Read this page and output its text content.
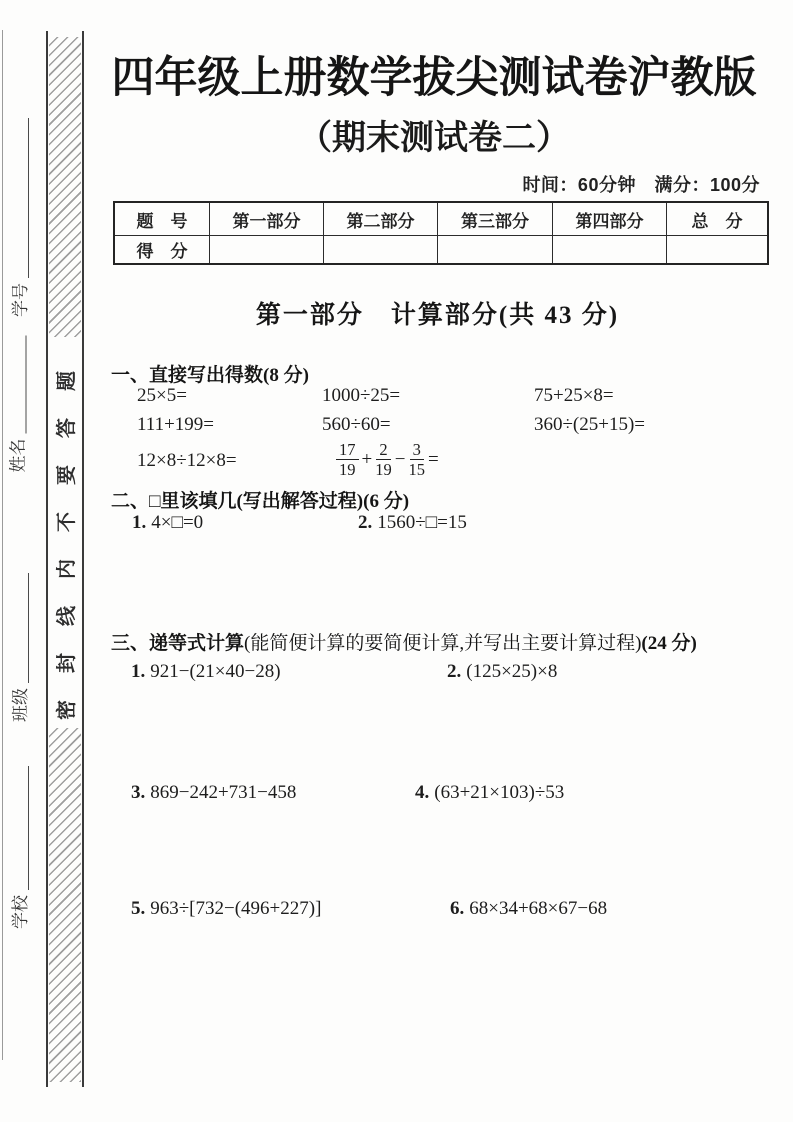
密封线内不要答题
学号
姓名
班级
学校
四年级上册数学拔尖测试卷沪教版
（期末测试卷二）
时间：60分钟　满分：100分
题　号	第一部分	第二部分	第三部分	第四部分	总　分
得　分					
第一部分　计算部分(共 43 分)
一、直接写出得数(8 分)
25×5=	1000÷25=	75+25×8=
111+199=	560÷60=	360÷(25+15)=
12×8÷12×8=	$\frac{17}{19} + \frac{2}{19} - \frac{3}{15}$ =
二、□里该填几(写出解答过程)(6 分)
1. 4×□=0	2. 1560÷□=15
三、递等式计算(能简便计算的要简便计算,并写出主要计算过程)(24 分)
1. 921−(21×40−28)	2. (125×25)×8
3. 869−242+731−458	4. (63+21×103)÷53
5. 963÷[732−(496+227)]	6. 68×34+68×67−68
